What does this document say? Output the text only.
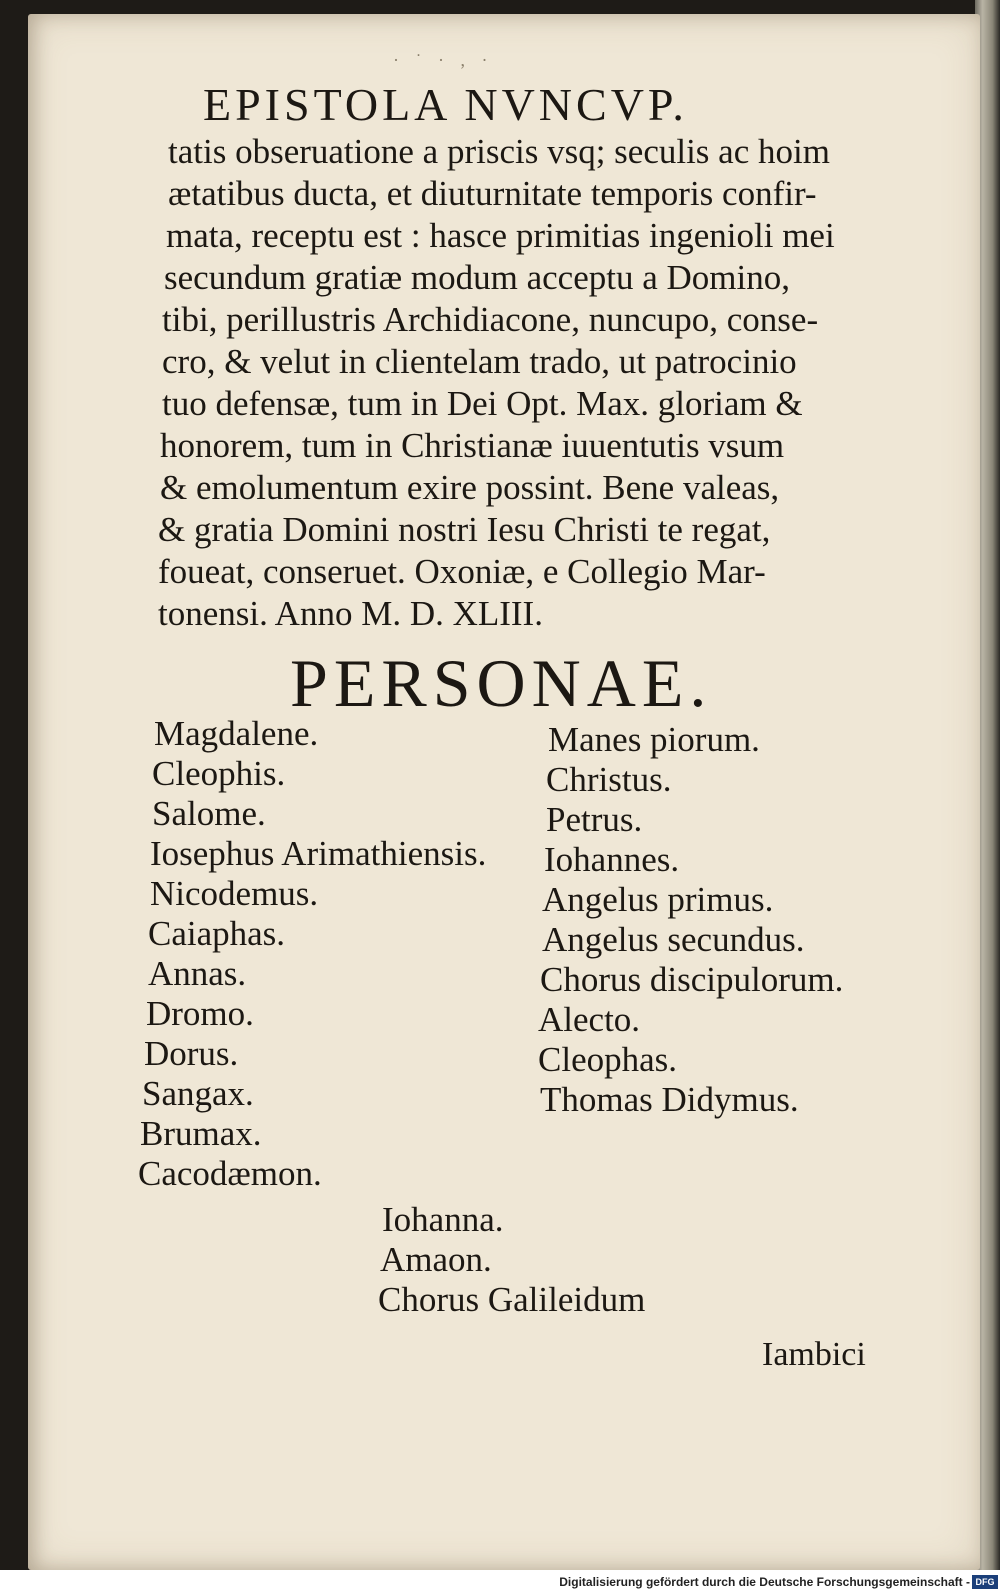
· ˙ · , ·
EPISTOLA NVNCVP.
tatis obseruatione a priscis vsq; seculis ac hoim
ætatibus ducta, et diuturnitate temporis confir-
mata, receptu est : hasce primitias ingenioli mei
secundum gratiæ modum acceptu a Domino,
tibi, perillustris Archidiacone, nuncupo, conse-
cro, & velut in clientelam trado, ut patrocinio
tuo defensæ, tum in Dei Opt. Max. gloriam &
honorem, tum in Christianæ iuuentutis vsum
& emolumentum exire possint. Bene valeas,
& gratia Domini nostri Iesu Christi te regat,
foueat, conseruet. Oxoniæ, e Collegio Mar-
tonensi. Anno M. D. XLIII.
PERSONAE.
Magdalene.
Cleophis.
Salome.
Iosephus Arimathiensis.
Nicodemus.
Caiaphas.
Annas.
Dromo.
Dorus.
Sangax.
Brumax.
Cacodæmon.
Manes piorum.
Christus.
Petrus.
Iohannes.
Angelus primus.
Angelus secundus.
Chorus discipulorum.
Alecto.
Cleophas.
Thomas Didymus.
Iohanna.
Amaon.
Chorus Galileidum
Iambici
Digitalisierung gefördert durch die Deutsche Forschungsgemeinschaft - DFG
